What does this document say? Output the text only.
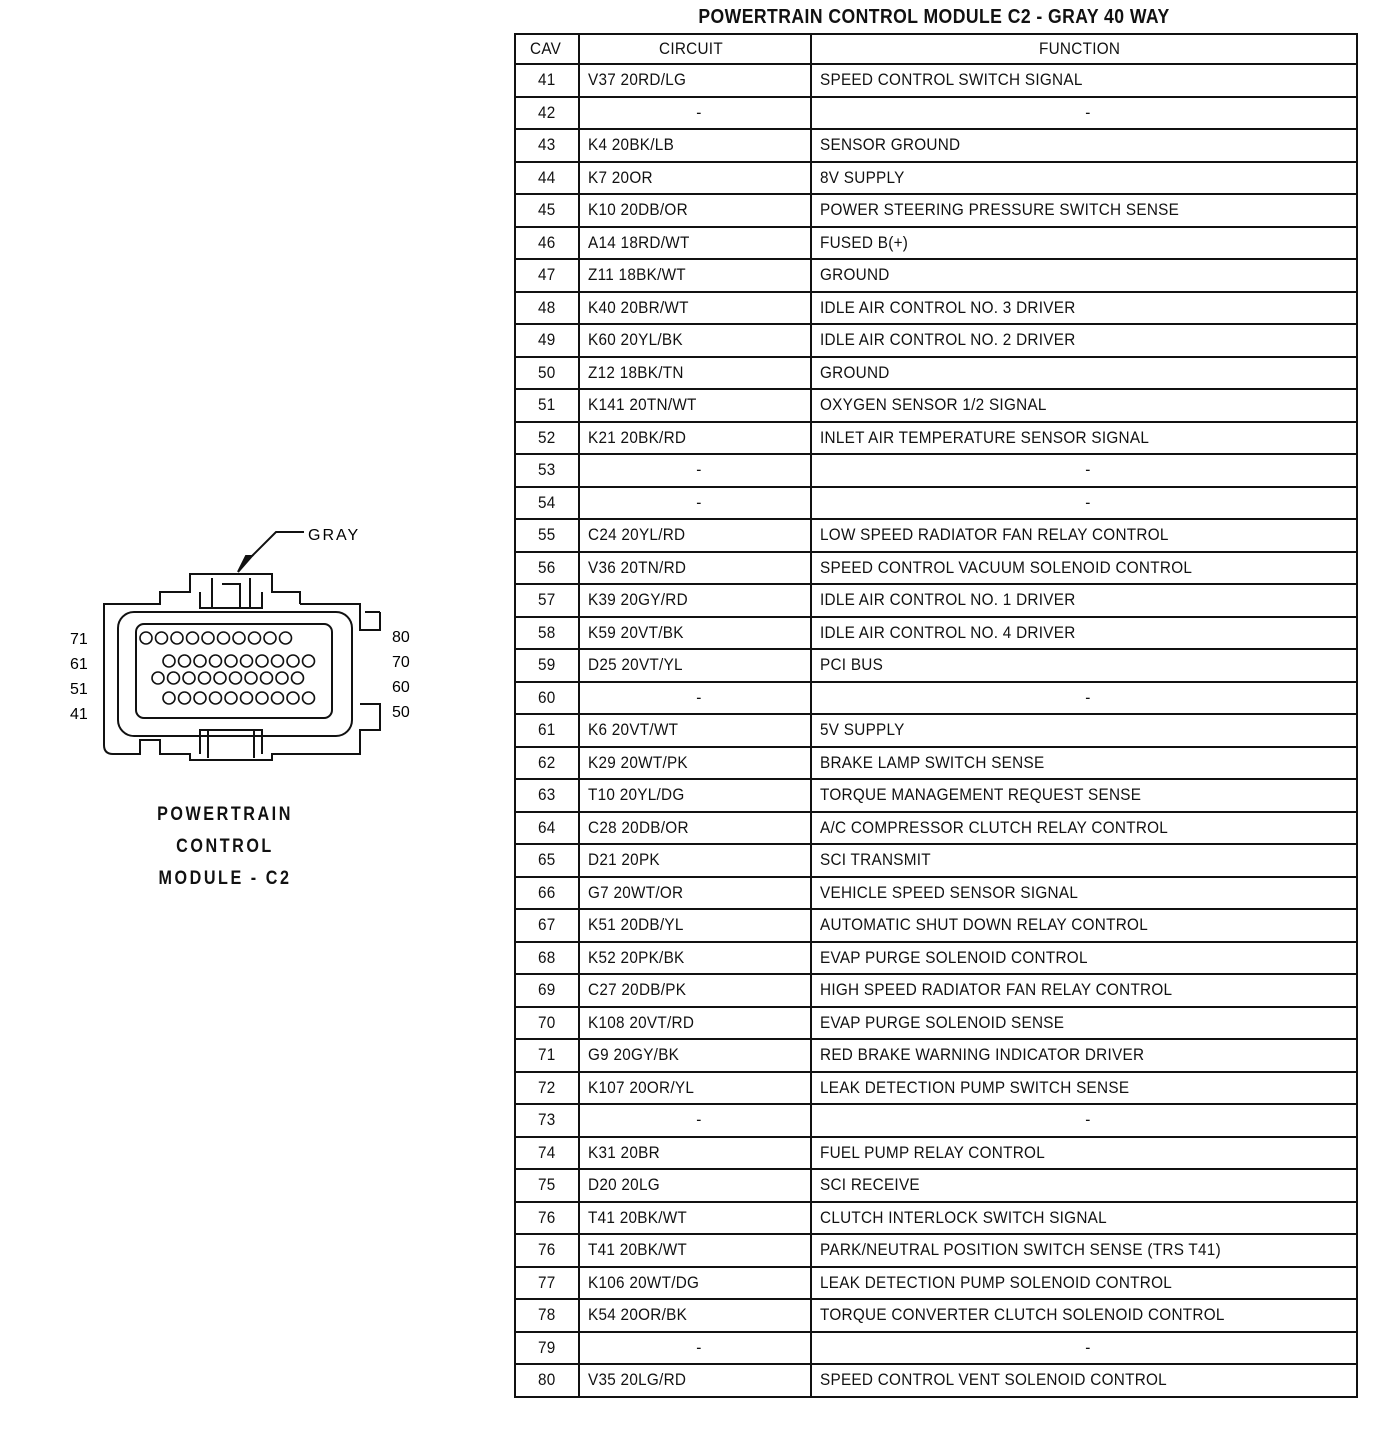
GRAY
71
61
51
41
80
70
60
50
POWERTRAIN
CONTROL
MODULE - C2
POWERTRAIN CONTROL MODULE C2 - GRAY 40 WAY
CAV	CIRCUIT	FUNCTION
41	V37 20RD/LG	SPEED CONTROL SWITCH SIGNAL
42	-	-
43	K4 20BK/LB	SENSOR GROUND
44	K7 20OR	8V SUPPLY
45	K10 20DB/OR	POWER STEERING PRESSURE SWITCH SENSE
46	A14 18RD/WT	FUSED B(+)
47	Z11 18BK/WT	GROUND
48	K40 20BR/WT	IDLE AIR CONTROL NO. 3 DRIVER
49	K60 20YL/BK	IDLE AIR CONTROL NO. 2 DRIVER
50	Z12 18BK/TN	GROUND
51	K141 20TN/WT	OXYGEN SENSOR 1/2 SIGNAL
52	K21 20BK/RD	INLET AIR TEMPERATURE SENSOR SIGNAL
53	-	-
54	-	-
55	C24 20YL/RD	LOW SPEED RADIATOR FAN RELAY CONTROL
56	V36 20TN/RD	SPEED CONTROL VACUUM SOLENOID CONTROL
57	K39 20GY/RD	IDLE AIR CONTROL NO. 1 DRIVER
58	K59 20VT/BK	IDLE AIR CONTROL NO. 4 DRIVER
59	D25 20VT/YL	PCI BUS
60	-	-
61	K6 20VT/WT	5V SUPPLY
62	K29 20WT/PK	BRAKE LAMP SWITCH SENSE
63	T10 20YL/DG	TORQUE MANAGEMENT REQUEST SENSE
64	C28 20DB/OR	A/C COMPRESSOR CLUTCH RELAY CONTROL
65	D21 20PK	SCI TRANSMIT
66	G7 20WT/OR	VEHICLE SPEED SENSOR SIGNAL
67	K51 20DB/YL	AUTOMATIC SHUT DOWN RELAY CONTROL
68	K52 20PK/BK	EVAP PURGE SOLENOID CONTROL
69	C27 20DB/PK	HIGH SPEED RADIATOR FAN RELAY CONTROL
70	K108 20VT/RD	EVAP PURGE SOLENOID SENSE
71	G9 20GY/BK	RED BRAKE WARNING INDICATOR DRIVER
72	K107 20OR/YL	LEAK DETECTION PUMP SWITCH SENSE
73	-	-
74	K31 20BR	FUEL PUMP RELAY CONTROL
75	D20 20LG	SCI RECEIVE
76	T41 20BK/WT	CLUTCH INTERLOCK SWITCH SIGNAL
76	T41 20BK/WT	PARK/NEUTRAL POSITION SWITCH SENSE (TRS T41)
77	K106 20WT/DG	LEAK DETECTION PUMP SOLENOID CONTROL
78	K54 20OR/BK	TORQUE CONVERTER CLUTCH SOLENOID CONTROL
79	-	-
80	V35 20LG/RD	SPEED CONTROL VENT SOLENOID CONTROL
